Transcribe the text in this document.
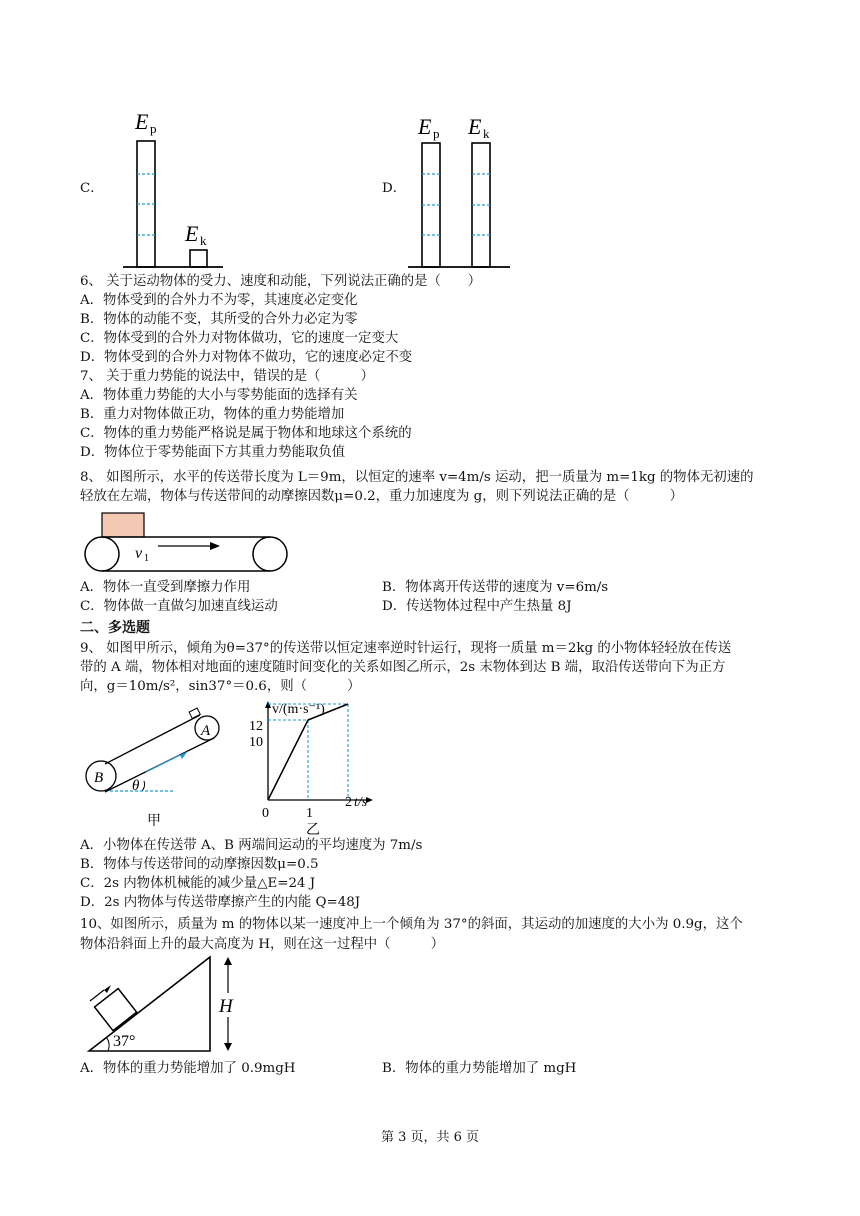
C．
E p
E k
D．
E p E k
6、 关于运动物体的受力、速度和动能，下列说法正确的是（　　）
A．物体受到的合外力不为零，其速度必定变化
B．物体的动能不变，其所受的合外力必定为零
C．物体受到的合外力对物体做功，它的速度一定变大
D．物体受到的合外力对物体不做功，它的速度必定不变
7、 关于重力势能的说法中，错误的是（　　　）
A．物体重力势能的大小与零势能面的选择有关
B．重力对物体做正功，物体的重力势能增加
C．物体的重力势能严格说是属于物体和地球这个系统的
D．物体位于零势能面下方其重力势能取负值
8、 如图所示，水平的传送带长度为 L＝9m，以恒定的速率 v=4m/s 运动，把一质量为 m=1kg 的物体无初速的
轻放在左端，物体与传送带间的动摩擦因数μ=0.2，重力加速度为 g，则下列说法正确的是（　　　）
v 1
A．物体一直受到摩擦力作用	B．物体离开传送带的速度为 v=6m/s
C．物体做一直做匀加速直线运动	D．传送物体过程中产生热量 8J
二、多选题
9、 如图甲所示，倾角为θ=37°的传送带以恒定速率逆时针运行，现将一质量 m＝2kg 的小物体轻轻放在传送
带的 A 端，物体相对地面的速度随时间变化的关系如图乙所示，2s 末物体到达 B 端，取沿传送带向下为正方
向，g＝10m/s²，sin37°＝0.6，则（　　　）
A
B θ
甲
v/(m·s⁻¹)
t/s
12
10
0	1
2
乙
A．小物体在传送带 A、B 两端间运动的平均速度为 7m/s
B．物体与传送带间的动摩擦因数μ=0.5
C．2s 内物体机械能的减少量△E=24 J
D．2s 内物体与传送带摩擦产生的内能 Q=48J
10、如图所示，质量为 m 的物体以某一速度冲上一个倾角为 37°的斜面，其运动的加速度的大小为 0.9g，这个
物体沿斜面上升的最大高度为 H，则在这一过程中（　　　）
37°
H
A．物体的重力势能增加了 0.9mgH	B．物体的重力势能增加了 mgH
第 3 页，共 6 页
